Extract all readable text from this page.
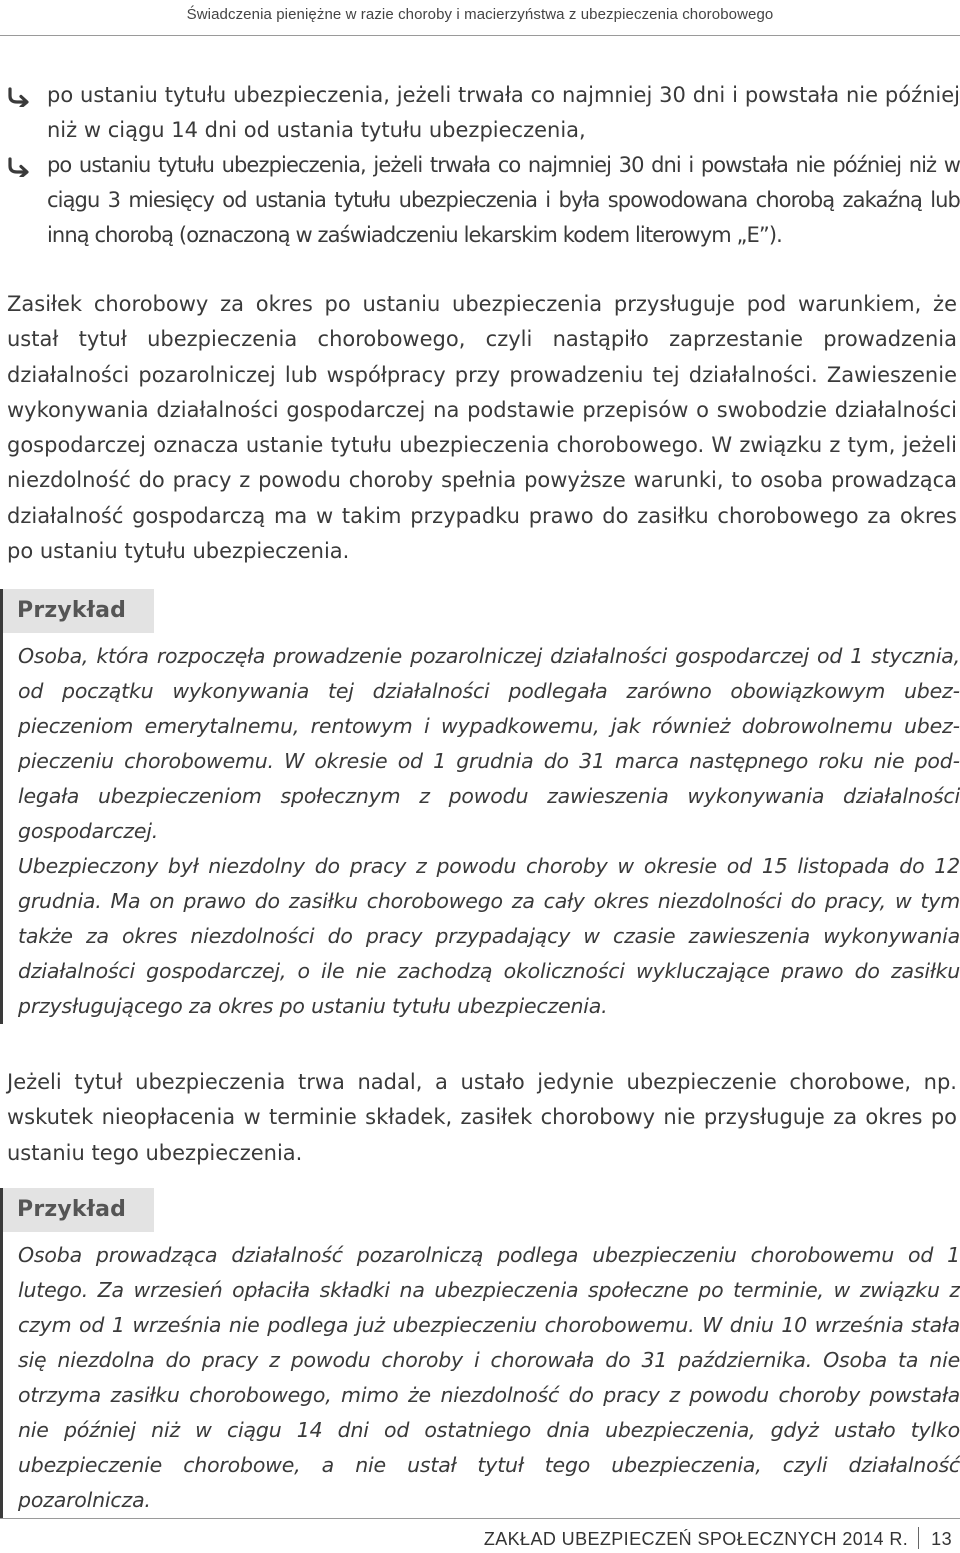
Świadczenia pieniężne w razie choroby i macierzyństwa z ubezpieczenia chorobowego
po ustaniu tytułu ubezpieczenia, jeżeli trwała co najmniej 30 dni i powstała nie później niż w ciągu 14 dni od ustania tytułu ubezpieczenia,
po ustaniu tytułu ubezpieczenia, jeżeli trwała co najmniej 30 dni i powstała nie później niż w ciągu 3 miesięcy od ustania tytułu ubezpieczenia i była spowodowana chorobą zakaźną lub inną chorobą (oznaczoną w zaświadczeniu lekarskim kodem literowym „E”).
Zasiłek chorobowy za okres po ustaniu ubezpieczenia przysługuje pod warunkiem, że ustał tytuł ubezpieczenia chorobowego, czyli nastąpiło zaprzestanie prowadzenia działalności pozarolniczej lub współpracy przy prowadzeniu tej działalności. Zawieszenie wykonywania działalności gospodarczej na podstawie przepisów o swobodzie działalności gospodarczej oznacza ustanie tytułu ubezpieczenia chorobowego. W związku z tym, jeżeli niezdolność do pracy z powodu choroby spełnia powyższe warunki, to osoba prowadząca działalność gospodarczą ma w takim przypadku prawo do zasiłku chorobowego za okres po ustaniu tytułu ubezpieczenia.
Przykład

Osoba, która rozpoczęła prowadzenie pozarolniczej działalności gospodarczej od 1 stycznia, od początku wykonywania tej działalności podlegała zarówno obowiązkowym ubezpieczeniom emerytalnemu, rentowym i wypadkowemu, jak również dobrowolnemu ubezpieczeniu chorobowemu. W okresie od 1 grudnia do 31 marca następnego roku nie podlegała ubezpieczeniom społecznym z powodu zawieszenia wykonywania działalności gospodarczej.

Ubezpieczony był niezdolny do pracy z powodu choroby w okresie od 15 listopada do 12 grudnia. Ma on prawo do zasiłku chorobowego za cały okres niezdolności do pracy, w tym także za okres niezdolności do pracy przypadający w czasie zawieszenia wykonywania działalności gospodarczej, o ile nie zachodzą okoliczności wykluczające prawo do zasiłku przysługującego za okres po ustaniu tytułu ubezpieczenia.

Jeżeli tytuł ubezpieczenia trwa nadal, a ustało jedynie ubezpieczenie chorobowe, np. wskutek nieopłacenia w terminie składek, zasiłek chorobowy nie przysługuje za okres po ustaniu tego ubezpieczenia.
Przykład

Osoba prowadząca działalność pozarolniczą podlega ubezpieczeniu chorobowemu od 1 lutego. Za wrzesień opłaciła składki na ubezpieczenia społeczne po terminie, w związku z czym od 1 września nie podlega już ubezpieczeniu chorobowemu. W dniu 10 września stała się niezdolna do pracy z powodu choroby i chorowała do 31 października. Osoba ta nie otrzyma zasiłku chorobowego, mimo że niezdolność do pracy z powodu choroby powstała nie później niż w ciągu 14 dni od ostatniego dnia ubezpieczenia, gdyż ustało tylko ubezpieczenie chorobowe, a nie ustał tytuł tego ubezpieczenia, czyli działalność pozarolnicza.

ZAKŁAD UBEZPIECZEŃ SPOŁECZNYCH 2014 R. 13
